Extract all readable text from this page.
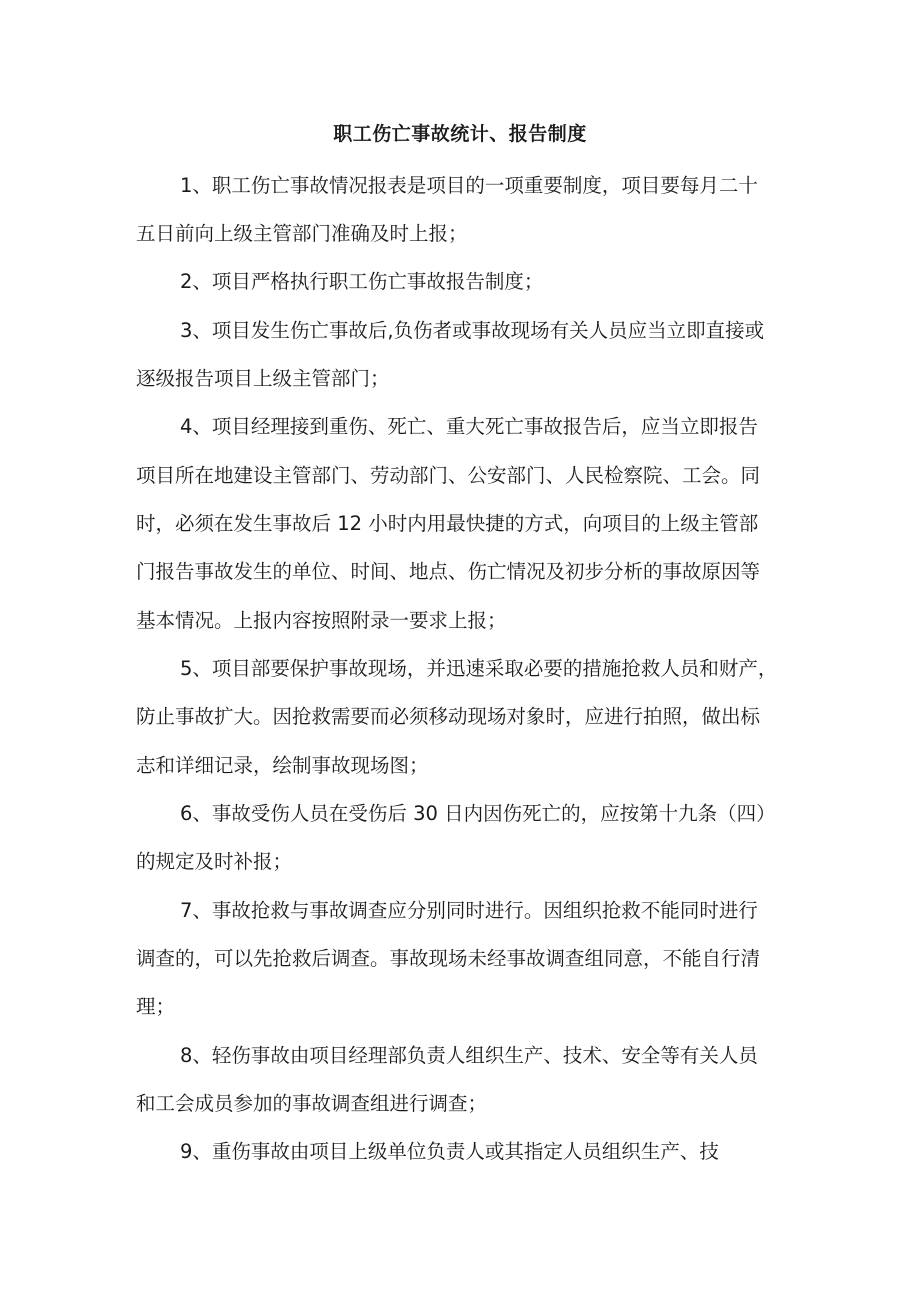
职工伤亡事故统计、报告制度
1、职工伤亡事故情况报表是项目的一项重要制度，项目要每月二十
五日前向上级主管部门准确及时上报；
2、项目严格执行职工伤亡事故报告制度；
3、项目发生伤亡事故后,负伤者或事故现场有关人员应当立即直接或
逐级报告项目上级主管部门；
4、项目经理接到重伤、死亡、重大死亡事故报告后，应当立即报告
项目所在地建设主管部门、劳动部门、公安部门、人民检察院、工会。同
时，必须在发生事故后 12 小时内用最快捷的方式，向项目的上级主管部
门报告事故发生的单位、时间、地点、伤亡情况及初步分析的事故原因等
基本情况。上报内容按照附录一要求上报；
5、项目部要保护事故现场，并迅速采取必要的措施抢救人员和财产，
防止事故扩大。因抢救需要而必须移动现场对象时，应进行拍照，做出标
志和详细记录，绘制事故现场图；
6、事故受伤人员在受伤后 30 日内因伤死亡的，应按第十九条（四）
的规定及时补报；
7、事故抢救与事故调查应分别同时进行。因组织抢救不能同时进行
调查的，可以先抢救后调查。事故现场未经事故调查组同意，不能自行清
理；
8、轻伤事故由项目经理部负责人组织生产、技术、安全等有关人员
和工会成员参加的事故调查组进行调查；
9、重伤事故由项目上级单位负责人或其指定人员组织生产、技
